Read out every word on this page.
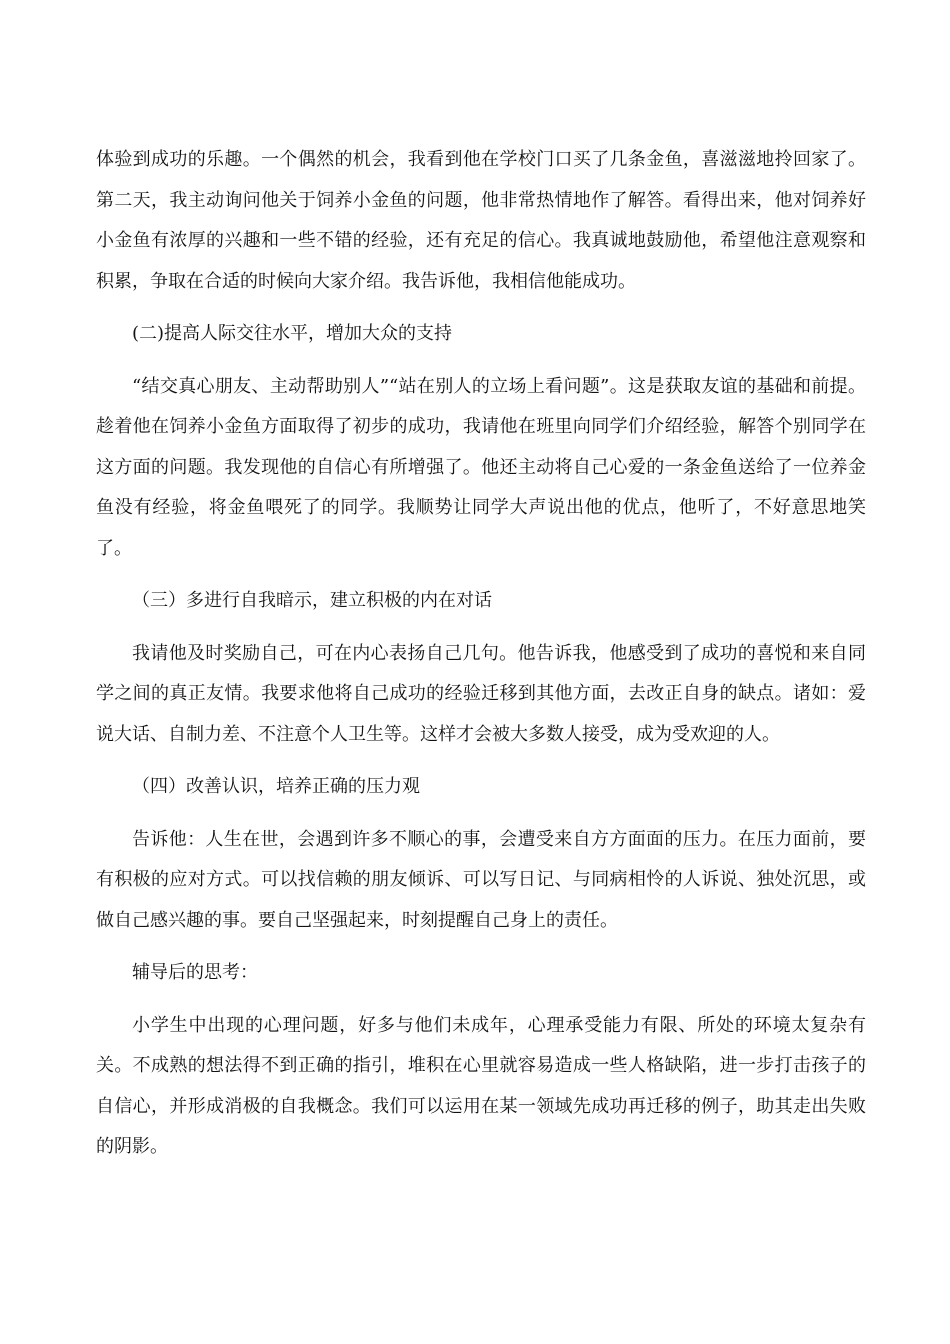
体验到成功的乐趣。一个偶然的机会，我看到他在学校门口买了几条金鱼，喜滋滋地拎回家了。第二天，我主动询问他关于饲养小金鱼的问题，他非常热情地作了解答。看得出来，他对饲养好小金鱼有浓厚的兴趣和一些不错的经验，还有充足的信心。我真诚地鼓励他，希望他注意观察和积累，争取在合适的时候向大家介绍。我告诉他，我相信他能成功。

(二)提高人际交往水平，增加大众的支持

“结交真心朋友、主动帮助别人”“站在别人的立场上看问题”。这是获取友谊的基础和前提。趁着他在饲养小金鱼方面取得了初步的成功，我请他在班里向同学们介绍经验，解答个别同学在这方面的问题。我发现他的自信心有所增强了。他还主动将自己心爱的一条金鱼送给了一位养金鱼没有经验，将金鱼喂死了的同学。我顺势让同学大声说出他的优点，他听了，不好意思地笑了。

（三）多进行自我暗示，建立积极的内在对话

我请他及时奖励自己，可在内心表扬自己几句。他告诉我，他感受到了成功的喜悦和来自同学之间的真正友情。我要求他将自己成功的经验迁移到其他方面，去改正自身的缺点。诸如：爱说大话、自制力差、不注意个人卫生等。这样才会被大多数人接受，成为受欢迎的人。

（四）改善认识，培养正确的压力观

告诉他：人生在世，会遇到许多不顺心的事，会遭受来自方方面面的压力。在压力面前，要有积极的应对方式。可以找信赖的朋友倾诉、可以写日记、与同病相怜的人诉说、独处沉思，或做自己感兴趣的事。要自己坚强起来，时刻提醒自己身上的责任。

辅导后的思考：

小学生中出现的心理问题，好多与他们未成年，心理承受能力有限、所处的环境太复杂有关。不成熟的想法得不到正确的指引，堆积在心里就容易造成一些人格缺陷，进一步打击孩子的自信心，并形成消极的自我概念。我们可以运用在某一领域先成功再迁移的例子，助其走出失败的阴影。
